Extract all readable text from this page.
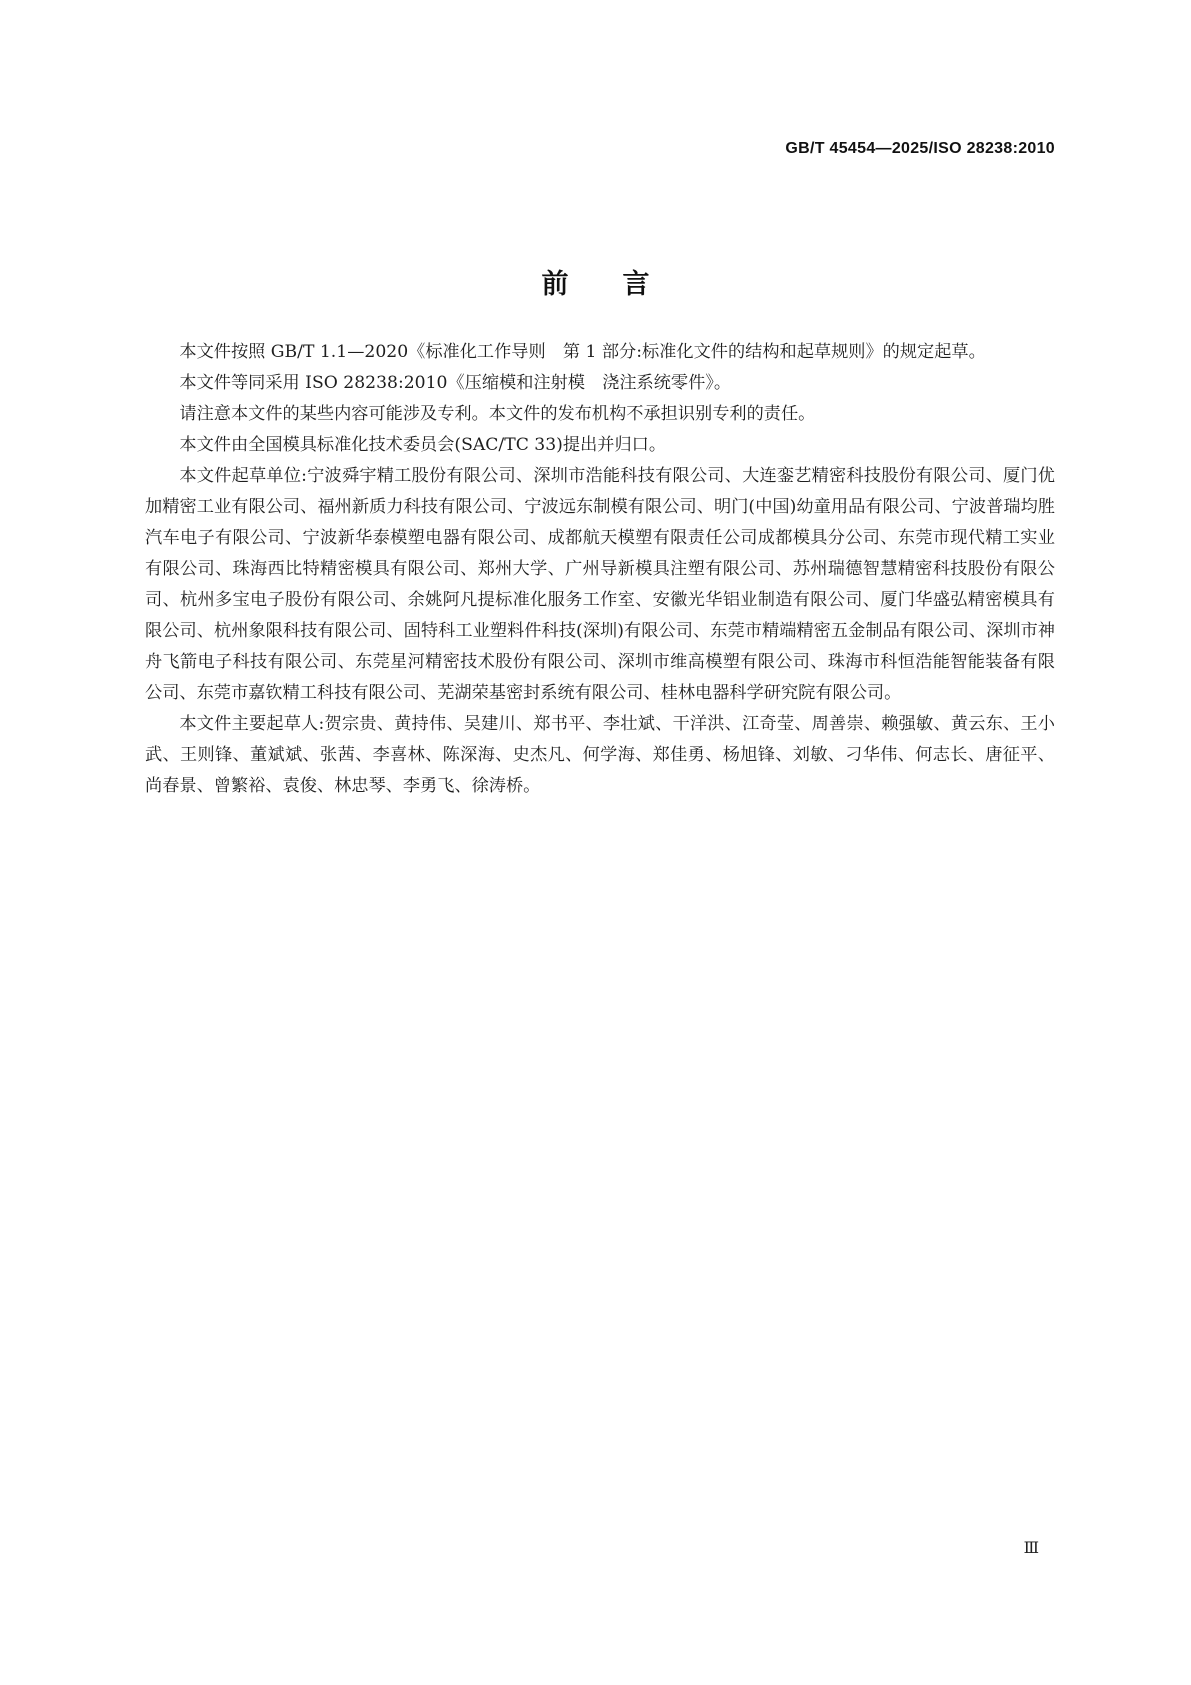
GB/T 45454—2025/ISO 28238:2010
前言

本文件按照 GB/T 1.1—2020《标准化工作导则　第 1 部分:标准化文件的结构和起草规则》的规定起草。

本文件等同采用 ISO 28238:2010《压缩模和注射模　浇注系统零件》。

请注意本文件的某些内容可能涉及专利。本文件的发布机构不承担识别专利的责任。

本文件由全国模具标准化技术委员会(SAC/TC 33)提出并归口。

本文件起草单位:宁波舜宇精工股份有限公司、深圳市浩能科技有限公司、大连銮艺精密科技股份有限公司、厦门优加精密工业有限公司、福州新质力科技有限公司、宁波远东制模有限公司、明门(中国)幼童用品有限公司、宁波普瑞均胜汽车电子有限公司、宁波新华泰模塑电器有限公司、成都航天模塑有限责任公司成都模具分公司、东莞市现代精工实业有限公司、珠海西比特精密模具有限公司、郑州大学、广州导新模具注塑有限公司、苏州瑞德智慧精密科技股份有限公司、杭州多宝电子股份有限公司、余姚阿凡提标准化服务工作室、安徽光华铝业制造有限公司、厦门华盛弘精密模具有限公司、杭州象限科技有限公司、固特科工业塑料件科技(深圳)有限公司、东莞市精端精密五金制品有限公司、深圳市神舟飞箭电子科技有限公司、东莞星河精密技术股份有限公司、深圳市维高模塑有限公司、珠海市科恒浩能智能装备有限公司、东莞市嘉钦精工科技有限公司、芜湖荣基密封系统有限公司、桂林电器科学研究院有限公司。

本文件主要起草人:贺宗贵、黄持伟、吴建川、郑书平、李壮斌、干洋洪、江奇莹、周善崇、赖强敏、黄云东、王小武、王则锋、董斌斌、张茜、李喜林、陈深海、史杰凡、何学海、郑佳勇、杨旭锋、刘敏、刁华伟、何志长、唐征平、尚春景、曾繁裕、袁俊、林忠琴、李勇飞、徐涛桥。

Ⅲ
